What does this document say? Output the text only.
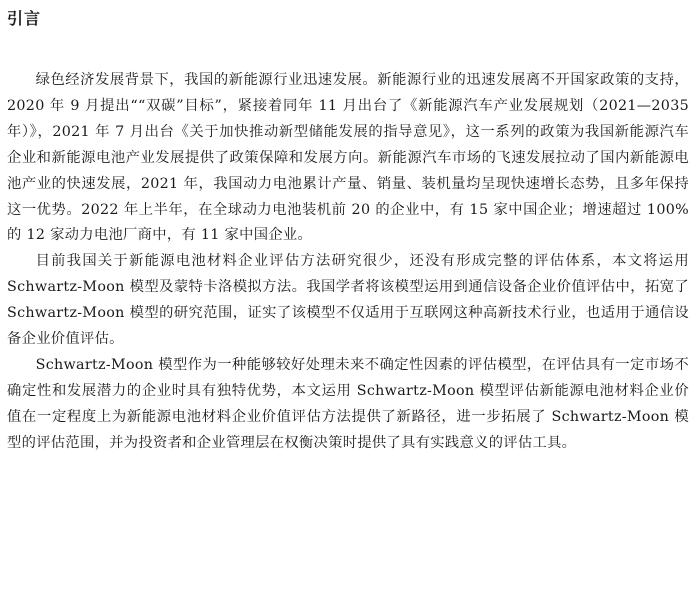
引言

绿色经济发展背景下，我国的新能源行业迅速发展。新能源行业的迅速发展离不开国家政策的支持，2020 年 9 月提出““双碳”目标”，紧接着同年 11 月出台了《新能源汽车产业发展规划（2021—2035 年）》，2021 年 7 月出台《关于加快推动新型储能发展的指导意见》，这一系列的政策为我国新能源汽车企业和新能源电池产业发展提供了政策保障和发展方向。新能源汽车市场的飞速发展拉动了国内新能源电池产业的快速发展，2021 年，我国动力电池累计产量、销量、装机量均呈现快速增长态势，且多年保持这一优势。2022 年上半年，在全球动力电池装机前 20 的企业中，有 15 家中国企业；增速超过 100% 的 12 家动力电池厂商中，有 11 家中国企业。

目前我国关于新能源电池材料企业评估方法研究很少，还没有形成完整的评估体系，本文将运用 Schwartz-Moon 模型及蒙特卡洛模拟方法。我国学者将该模型运用到通信设备企业价值评估中，拓宽了 Schwartz-Moon 模型的研究范围，证实了该模型不仅适用于互联网这种高新技术行业，也适用于通信设备企业价值评估。

Schwartz-Moon 模型作为一种能够较好处理未来不确定性因素的评估模型，在评估具有一定市场不确定性和发展潜力的企业时具有独特优势，本文运用 Schwartz-Moon 模型评估新能源电池材料企业价值在一定程度上为新能源电池材料企业价值评估方法提供了新路径，进一步拓展了 Schwartz-Moon 模型的评估范围，并为投资者和企业管理层在权衡决策时提供了具有实践意义的评估工具。
